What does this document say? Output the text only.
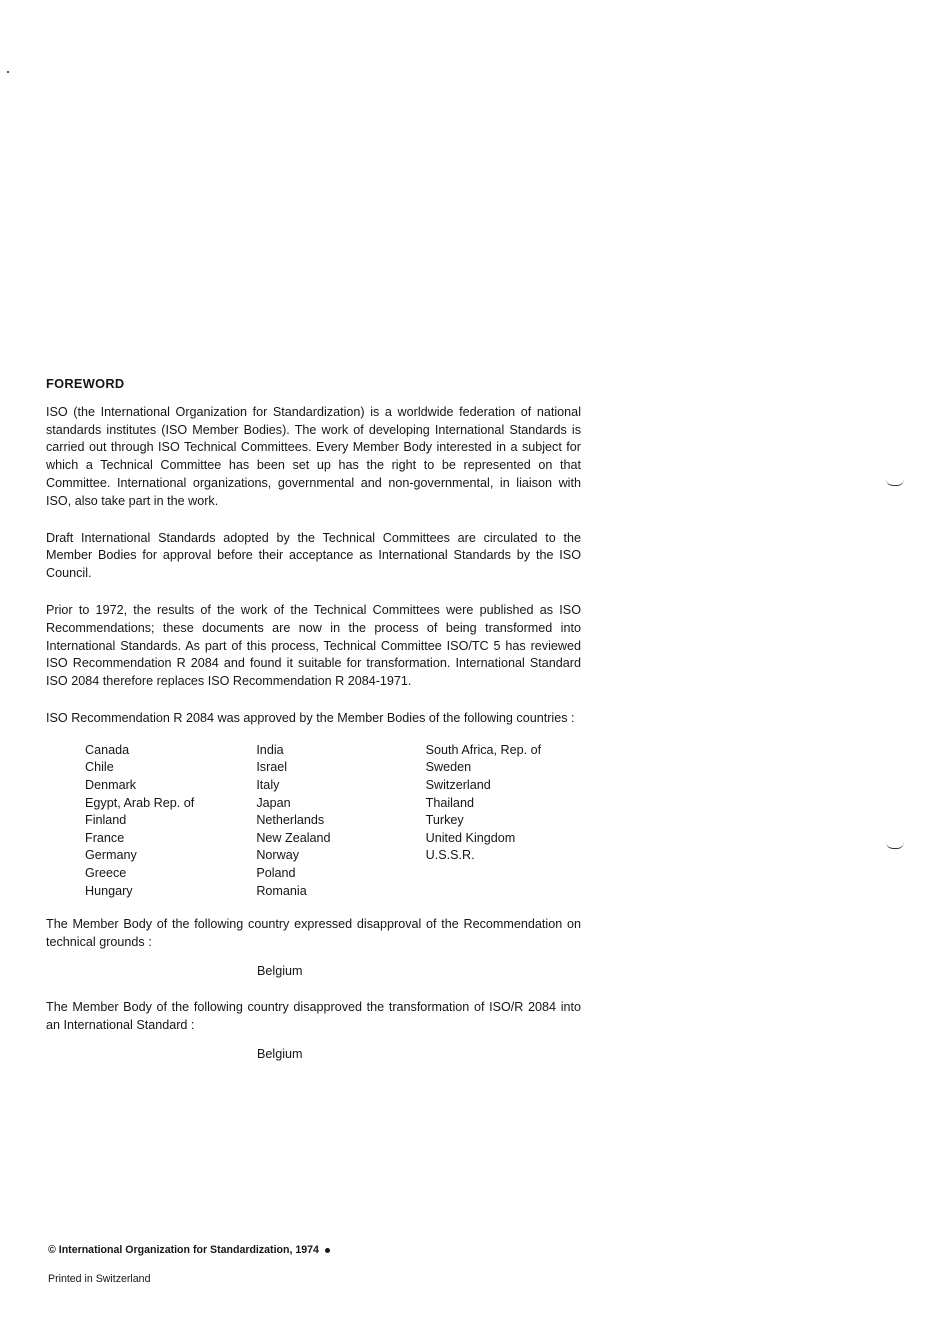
FOREWORD

ISO (the International Organization for Standardization) is a worldwide federation of national standards institutes (ISO Member Bodies). The work of developing International Standards is carried out through ISO Technical Committees. Every Member Body interested in a subject for which a Technical Committee has been set up has the right to be represented on that Committee. International organizations, governmental and non-governmental, in liaison with ISO, also take part in the work.

Draft International Standards adopted by the Technical Committees are circulated to the Member Bodies for approval before their acceptance as International Standards by the ISO Council.

Prior to 1972, the results of the work of the Technical Committees were published as ISO Recommendations; these documents are now in the process of being transformed into International Standards. As part of this process, Technical Committee ISO/TC 5 has reviewed ISO Recommendation R 2084 and found it suitable for transformation. International Standard ISO 2084 therefore replaces ISO Recommendation R 2084-1971.

ISO Recommendation R 2084 was approved by the Member Bodies of the following countries :

Canada
Chile
Denmark
Egypt, Arab Rep. of
Finland
France
Germany
Greece
Hungary
India
Israel
Italy
Japan
Netherlands
New Zealand
Norway
Poland
Romania
South Africa, Rep. of
Sweden
Switzerland
Thailand
Turkey
United Kingdom
U.S.S.R.

The Member Body of the following country expressed disapproval of the Recommendation on technical grounds :

Belgium

The Member Body of the following country disapproved the transformation of ISO/R 2084 into an International Standard :

Belgium
© International Organization for Standardization, 1974
Printed in Switzerland
